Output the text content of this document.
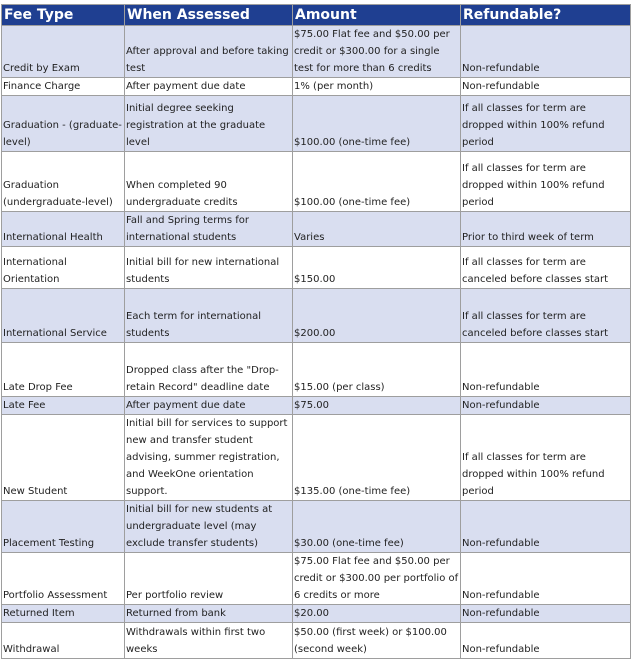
Fee Type	When Assessed	Amount	Refundable?
Credit by Exam	After approval and before taking test	$75.00 Flat fee and $50.00 per credit or $300.00 for a single test for more than 6 credits	Non-refundable
Finance Charge	After payment due date	1% (per month)	Non-refundable
Graduation - (graduate-level)	Initial degree seeking registration at the graduate level	$100.00 (one-time fee)	If all classes for term are dropped within 100% refund period
Graduation (undergraduate-level)	When completed 90 undergraduate credits	$100.00 (one-time fee)	If all classes for term are dropped within 100% refund period
International Health	Fall and Spring terms for international students	Varies	Prior to third week of term
International Orientation	Initial bill for new international students	$150.00	If all classes for term are canceled before classes start
International Service	Each term for international students	$200.00	If all classes for term are canceled before classes start
Late Drop Fee	Dropped class after the "Drop-retain Record" deadline date	$15.00 (per class)	Non-refundable
Late Fee	After payment due date	$75.00	Non-refundable
New Student	Initial bill for services to support new and transfer student advising, summer registration, and WeekOne orientation support.	$135.00 (one-time fee)	If all classes for term are dropped within 100% refund period
Placement Testing	Initial bill for new students at undergraduate level (may exclude transfer students)	$30.00 (one-time fee)	Non-refundable
Portfolio Assessment	Per portfolio review	$75.00 Flat fee and $50.00 per credit or $300.00 per portfolio of 6 credits or more	Non-refundable
Returned Item	Returned from bank	$20.00	Non-refundable
Withdrawal	Withdrawals within first two weeks	$50.00 (first week) or $100.00 (second week)	Non-refundable
